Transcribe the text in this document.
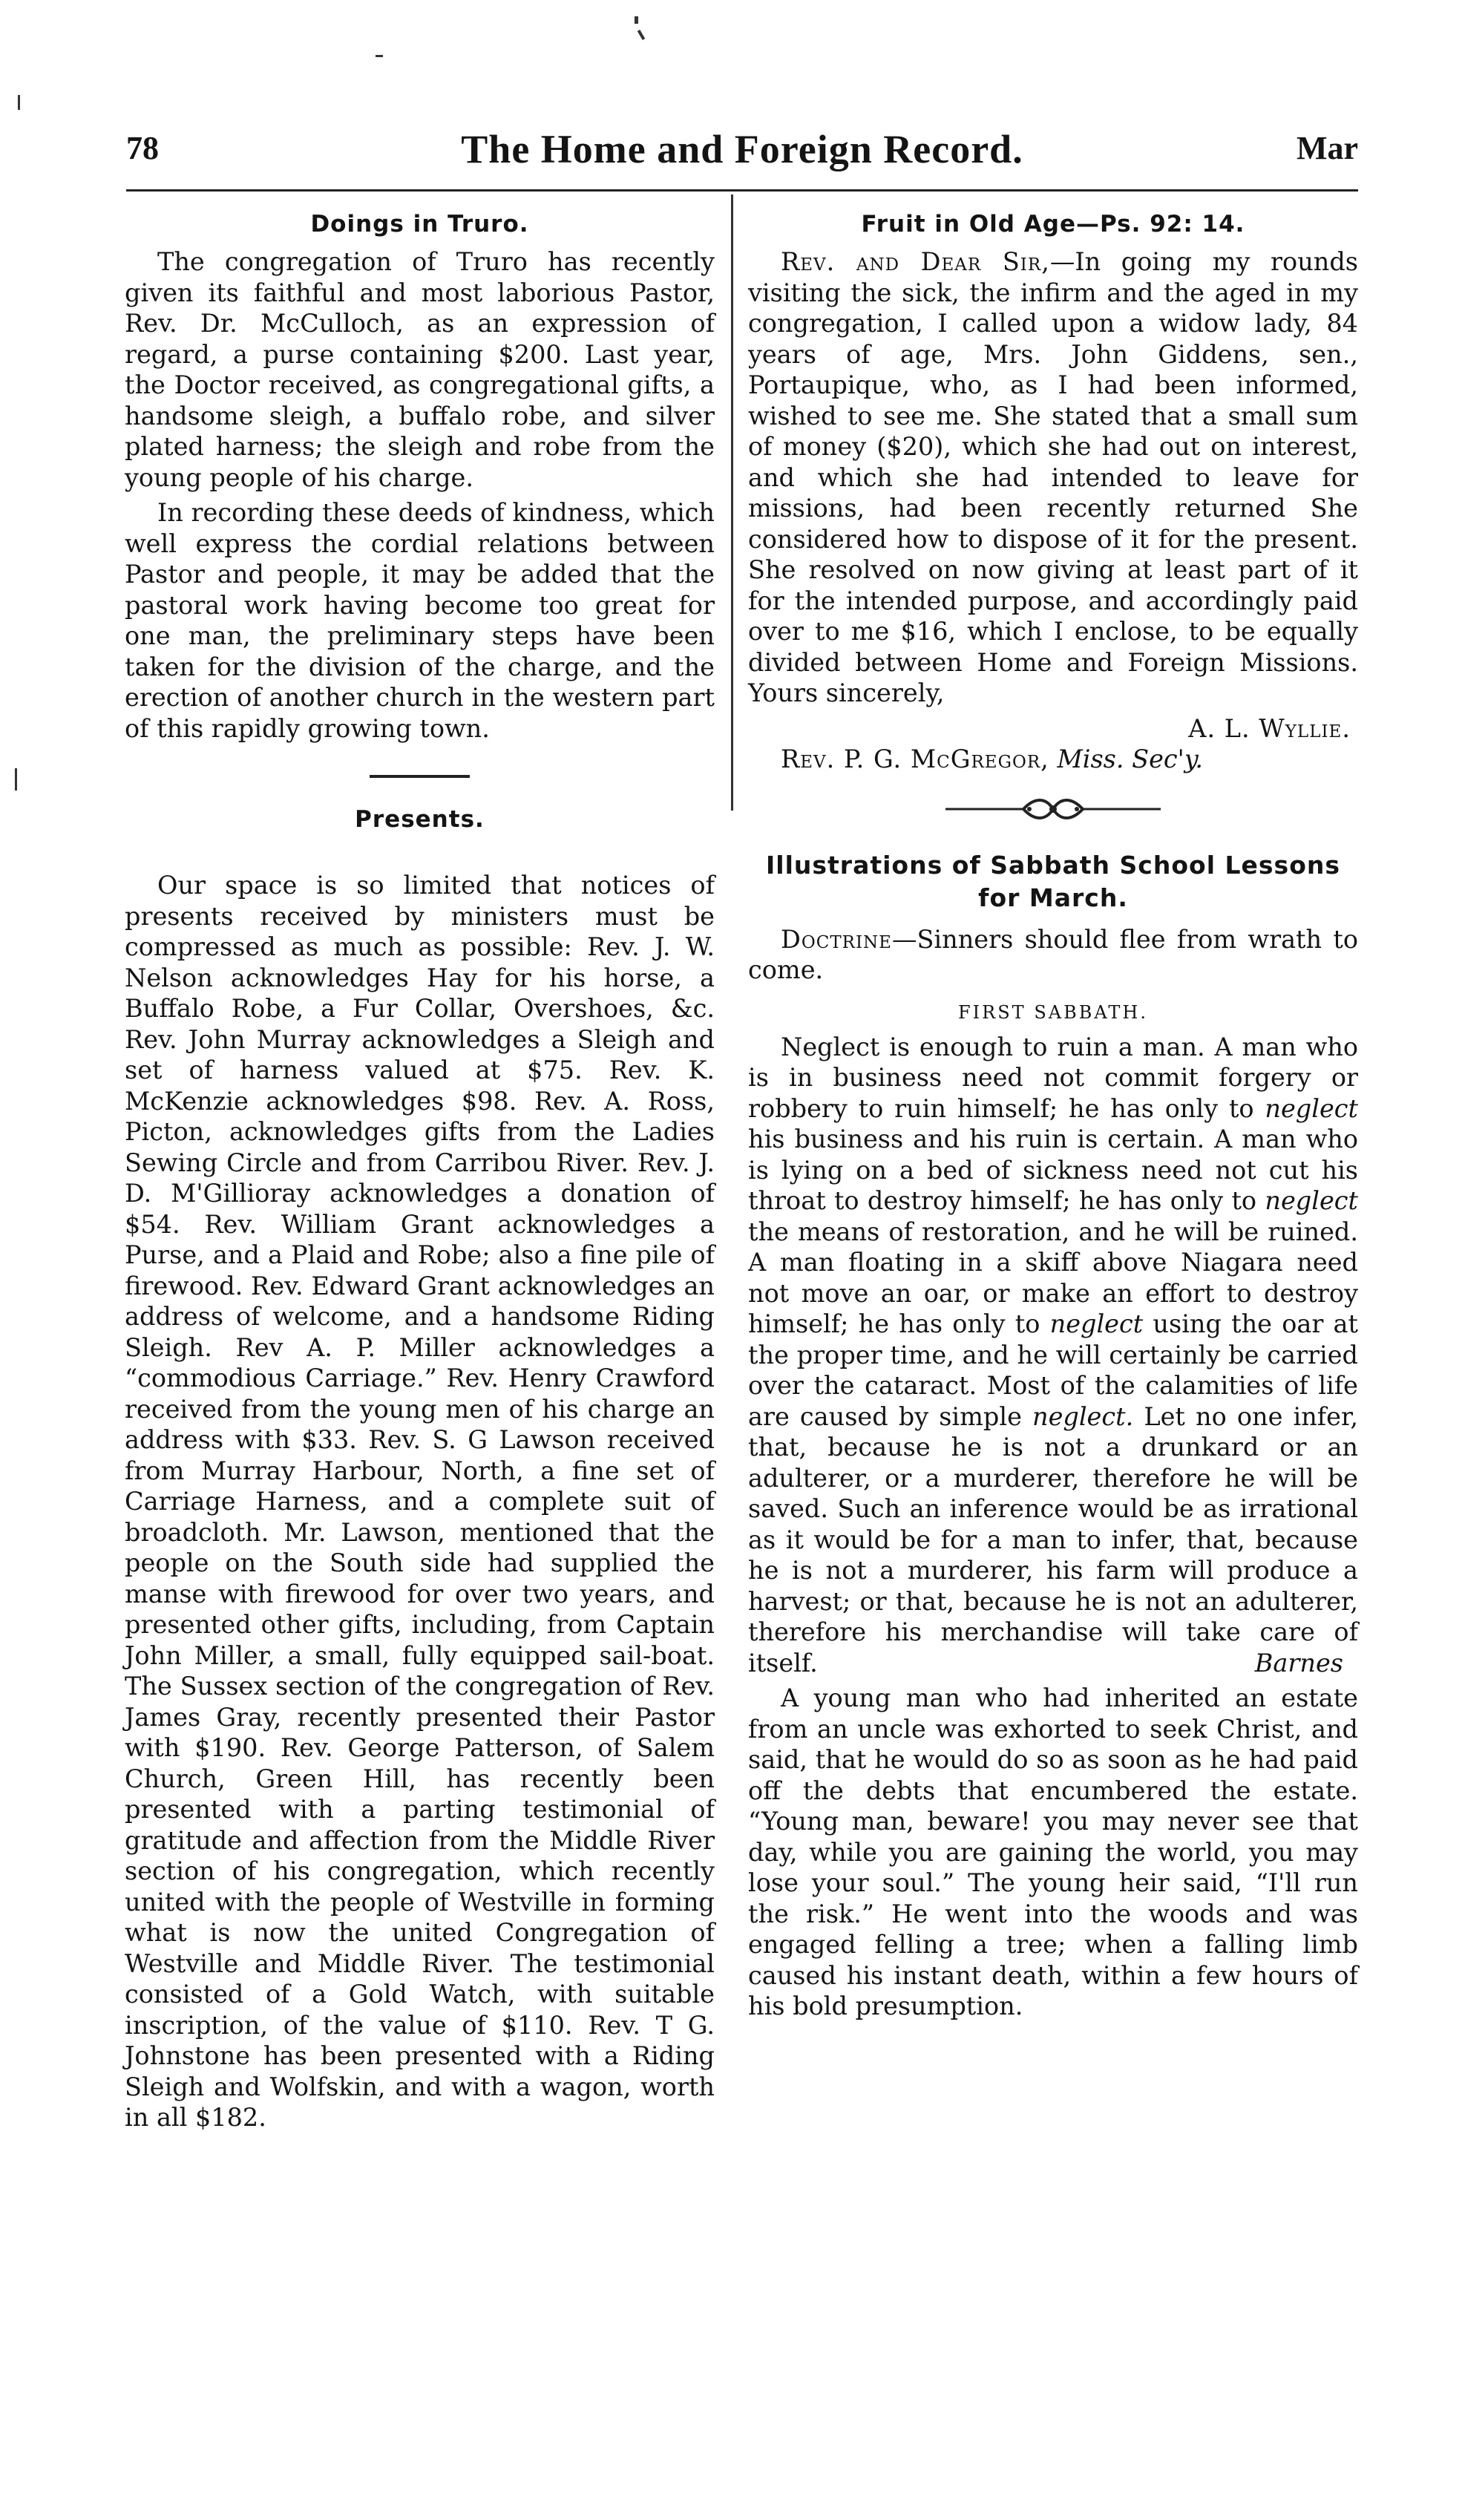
78	The Home and Foreign Record.	Mar
Doings in Truro.

The congregation of Truro has recently given its faithful and most laborious Pastor, Rev. Dr. McCulloch, as an expression of regard, a purse containing $200. Last year, the Doctor received, as congregational gifts, a handsome sleigh, a buffalo robe, and silver plated harness; the sleigh and robe from the young people of his charge.

In recording these deeds of kindness, which well express the cordial relations between Pastor and people, it may be added that the pastoral work having become too great for one man, the preliminary steps have been taken for the division of the charge, and the erection of another church in the western part of this rapidly growing town.

Presents.

Our space is so limited that notices of presents received by ministers must be compressed as much as possible: Rev. J. W. Nelson acknowledges Hay for his horse, a Buffalo Robe, a Fur Collar, Overshoes, &c. Rev. John Murray acknowledges a Sleigh and set of harness valued at $75. Rev. K. McKenzie acknowledges $98. Rev. A. Ross, Picton, acknowledges gifts from the Ladies Sewing Circle and from Carribou River. Rev. J. D. M'Gillioray acknowledges a donation of $54. Rev. William Grant acknowledges a Purse, and a Plaid and Robe; also a fine pile of firewood. Rev. Edward Grant acknowledges an address of welcome, and a handsome Riding Sleigh. Rev A. P. Miller acknowledges a “commodious Carriage.” Rev. Henry Crawford received from the young men of his charge an address with $33. Rev. S. G Lawson received from Murray Harbour, North, a fine set of Carriage Harness, and a complete suit of broadcloth. Mr. Lawson, mentioned that the people on the South side had supplied the manse with firewood for over two years, and presented other gifts, including, from Captain John Miller, a small, fully equipped sail-boat. The Sussex section of the congregation of Rev. James Gray, recently presented their Pastor with $190. Rev. George Patterson, of Salem Church, Green Hill, has recently been presented with a parting testimonial of gratitude and affection from the Middle River section of his congregation, which recently united with the people of Westville in forming what is now the united Congregation of Westville and Middle River. The testimonial consisted of a Gold Watch, with suitable inscription, of the value of $110. Rev. T G. Johnstone has been presented with a Riding Sleigh and Wolfskin, and with a wagon, worth in all $182.

Fruit in Old Age—Ps. 92: 14.

Rev. and Dear Sir,—In going my rounds visiting the sick, the infirm and the aged in my congregation, I called upon a widow lady, 84 years of age, Mrs. John Giddens, sen., Portaupique, who, as I had been informed, wished to see me. She stated that a small sum of money ($20), which she had out on interest, and which she had intended to leave for missions, had been recently returned She considered how to dispose of it for the present. She resolved on now giving at least part of it for the intended purpose, and accordingly paid over to me $16, which I enclose, to be equally divided between Home and Foreign Missions. Yours sincerely,

A. L. Wyllie.
Rev. P. G. McGregor, Miss. Sec'y.
Illustrations of Sabbath School Lessons for March.

Doctrine—Sinners should flee from wrath to come.

FIRST SABBATH.

Neglect is enough to ruin a man. A man who is in business need not commit forgery or robbery to ruin himself; he has only to neglect his business and his ruin is certain. A man who is lying on a bed of sickness need not cut his throat to destroy himself; he has only to neglect the means of restoration, and he will be ruined. A man floating in a skiff above Niagara need not move an oar, or make an effort to destroy himself; he has only to neglect using the oar at the proper time, and he will certainly be carried over the cataract. Most of the calamities of life are caused by simple neglect. Let no one infer, that, because he is not a drunkard or an adulterer, or a murderer, therefore he will be saved. Such an inference would be as irrational as it would be for a man to infer, that, because he is not a murderer, his farm will produce a harvest; or that, because he is not an adulterer, therefore his merchandise will take care of itself.	Barnes

A young man who had inherited an estate from an uncle was exhorted to seek Christ, and said, that he would do so as soon as he had paid off the debts that encumbered the estate. “Young man, beware! you may never see that day, while you are gaining the world, you may lose your soul.” The young heir said, “I'll run the risk.” He went into the woods and was engaged felling a tree; when a falling limb caused his instant death, within a few hours of his bold presumption.
